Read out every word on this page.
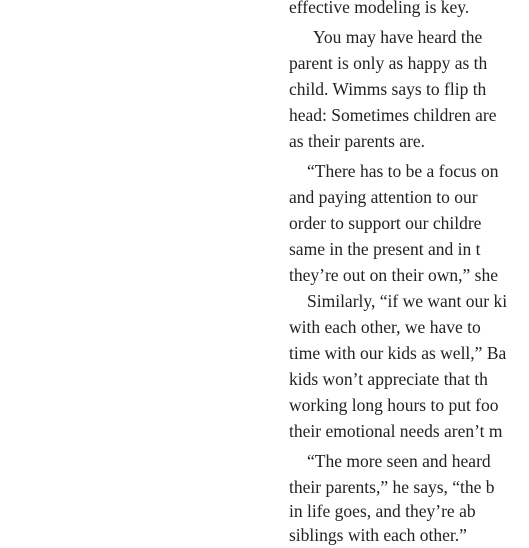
effective modeling is key.
You may have heard the
parent is only as happy as th
child. Wimms says to flip th
head: Sometimes children are
as their parents are.
“There has to be a focus on
and paying attention to our
order to support our childre
same in the present and in t
they’re out on their own,” she
Similarly, “if we want our ki
with each other, we have to
time with our kids as well,” Ba
kids won’t appreciate that th
working long hours to put foo
their emotional needs aren’t m
“The more seen and heard
their parents,” he says, “the b
in life goes, and they’re ab
siblings with each other.”
